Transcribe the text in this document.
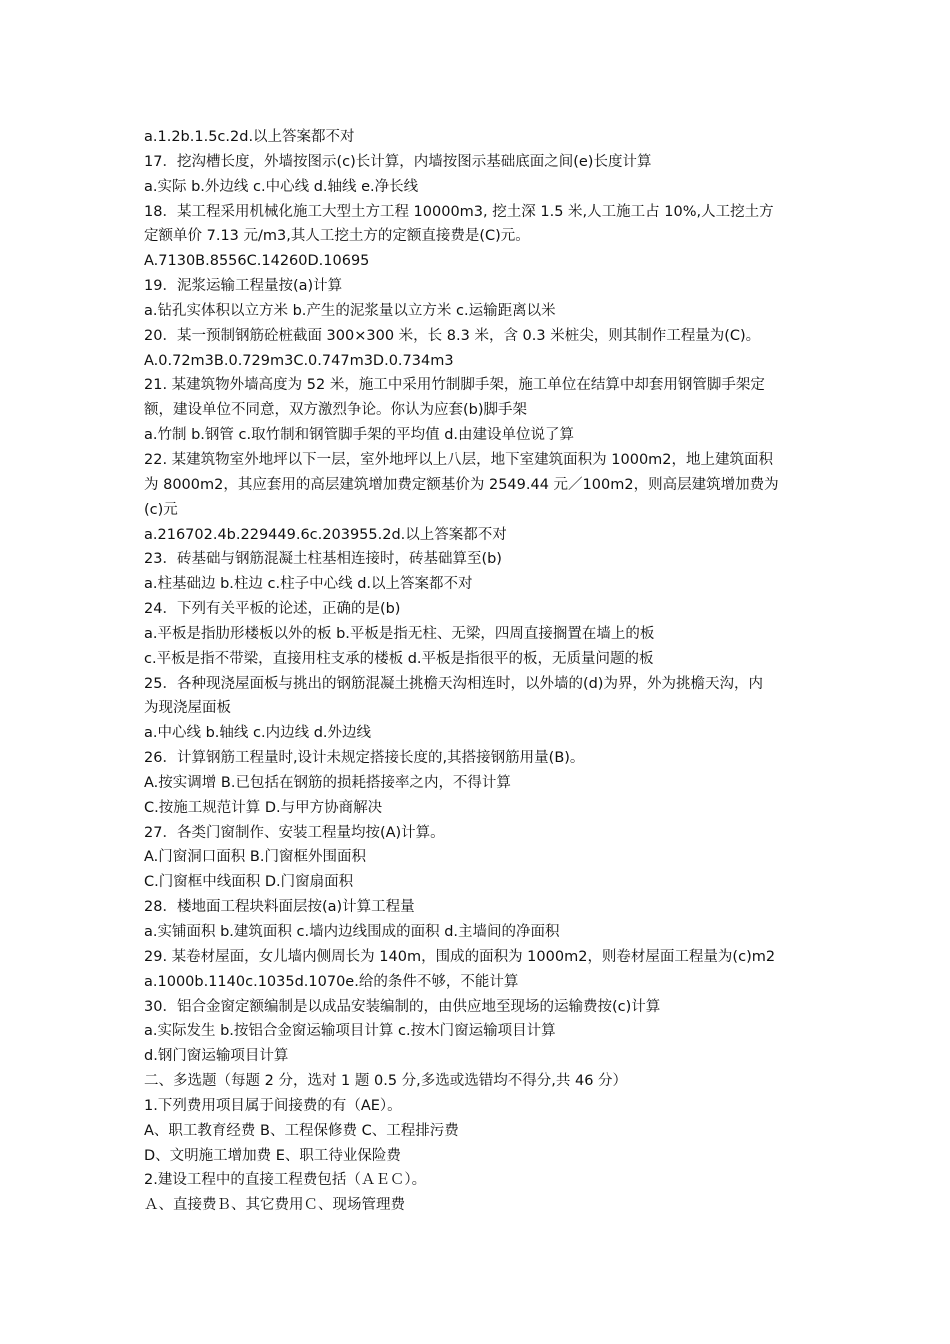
a.1.2b.1.5c.2d.以上答案都不对
17．挖沟槽长度，外墙按图示(c)长计算，内墙按图示基础底面之间(e)长度计算
a.实际 b.外边线 c.中心线 d.轴线 e.净长线
18．某工程采用机械化施工大型土方工程 10000m3, 挖土深 1.5 米,人工施工占 10%,人工挖土方
定额单价 7.13 元/m3,其人工挖土方的定额直接费是(C)元。
A.7130B.8556C.14260D.10695
19．泥浆运输工程量按(a)计算
a.钻孔实体积以立方米 b.产生的泥浆量以立方米 c.运输距离以米
20．某一预制钢筋砼桩截面 300×300 米，长 8.3 米，含 0.3 米桩尖，则其制作工程量为(C)。
A.0.72m3B.0.729m3C.0.747m3D.0.734m3
21. 某建筑物外墙高度为 52 米，施工中采用竹制脚手架，施工单位在结算中却套用钢管脚手架定
额，建设单位不同意，双方激烈争论。你认为应套(b)脚手架
a.竹制 b.钢管 c.取竹制和钢管脚手架的平均值 d.由建设单位说了算
22. 某建筑物室外地坪以下一层，室外地坪以上八层，地下室建筑面积为 1000m2，地上建筑面积
为 8000m2，其应套用的高层建筑增加费定额基价为 2549.44 元／100m2，则高层建筑增加费为
(c)元
a.216702.4b.229449.6c.203955.2d.以上答案都不对
23．砖基础与钢筋混凝土柱基相连接时，砖基础算至(b)
a.柱基础边 b.柱边 c.柱子中心线 d.以上答案都不对
24．下列有关平板的论述，正确的是(b)
a.平板是指肋形楼板以外的板 b.平板是指无柱、无梁，四周直接搁置在墙上的板
c.平板是指不带梁，直接用柱支承的楼板 d.平板是指很平的板，无质量问题的板
25．各种现浇屋面板与挑出的钢筋混凝土挑檐天沟相连时，以外墙的(d)为界，外为挑檐天沟，内
为现浇屋面板
a.中心线 b.轴线 c.内边线 d.外边线
26．计算钢筋工程量时,设计未规定搭接长度的,其搭接钢筋用量(B)。
A.按实调增 B.已包括在钢筋的损耗搭接率之内，不得计算
C.按施工规范计算 D.与甲方协商解决
27．各类门窗制作、安装工程量均按(A)计算。
A.门窗洞口面积 B.门窗框外围面积
C.门窗框中线面积 D.门窗扇面积
28．楼地面工程块料面层按(a)计算工程量
a.实铺面积 b.建筑面积 c.墙内边线围成的面积 d.主墙间的净面积
29. 某卷材屋面，女儿墙内侧周长为 140m，围成的面积为 1000m2，则卷材屋面工程量为(c)m2
a.1000b.1140c.1035d.1070e.给的条件不够，不能计算
30．铝合金窗定额编制是以成品安装编制的，由供应地至现场的运输费按(c)计算
a.实际发生 b.按铝合金窗运输项目计算 c.按木门窗运输项目计算
d.钢门窗运输项目计算
二、多选题（每题 2 分，选对 1 题 0.5 分,多选或选错均不得分,共 46 分）
1.下列费用项目属于间接费的有（AE）。
A、职工教育经费 B、工程保修费 C、工程排污费
D、文明施工增加费 E、职工待业保险费
2.建设工程中的直接工程费包括（ＡＥＣ）。
Ａ、直接费Ｂ、其它费用Ｃ、现场管理费
